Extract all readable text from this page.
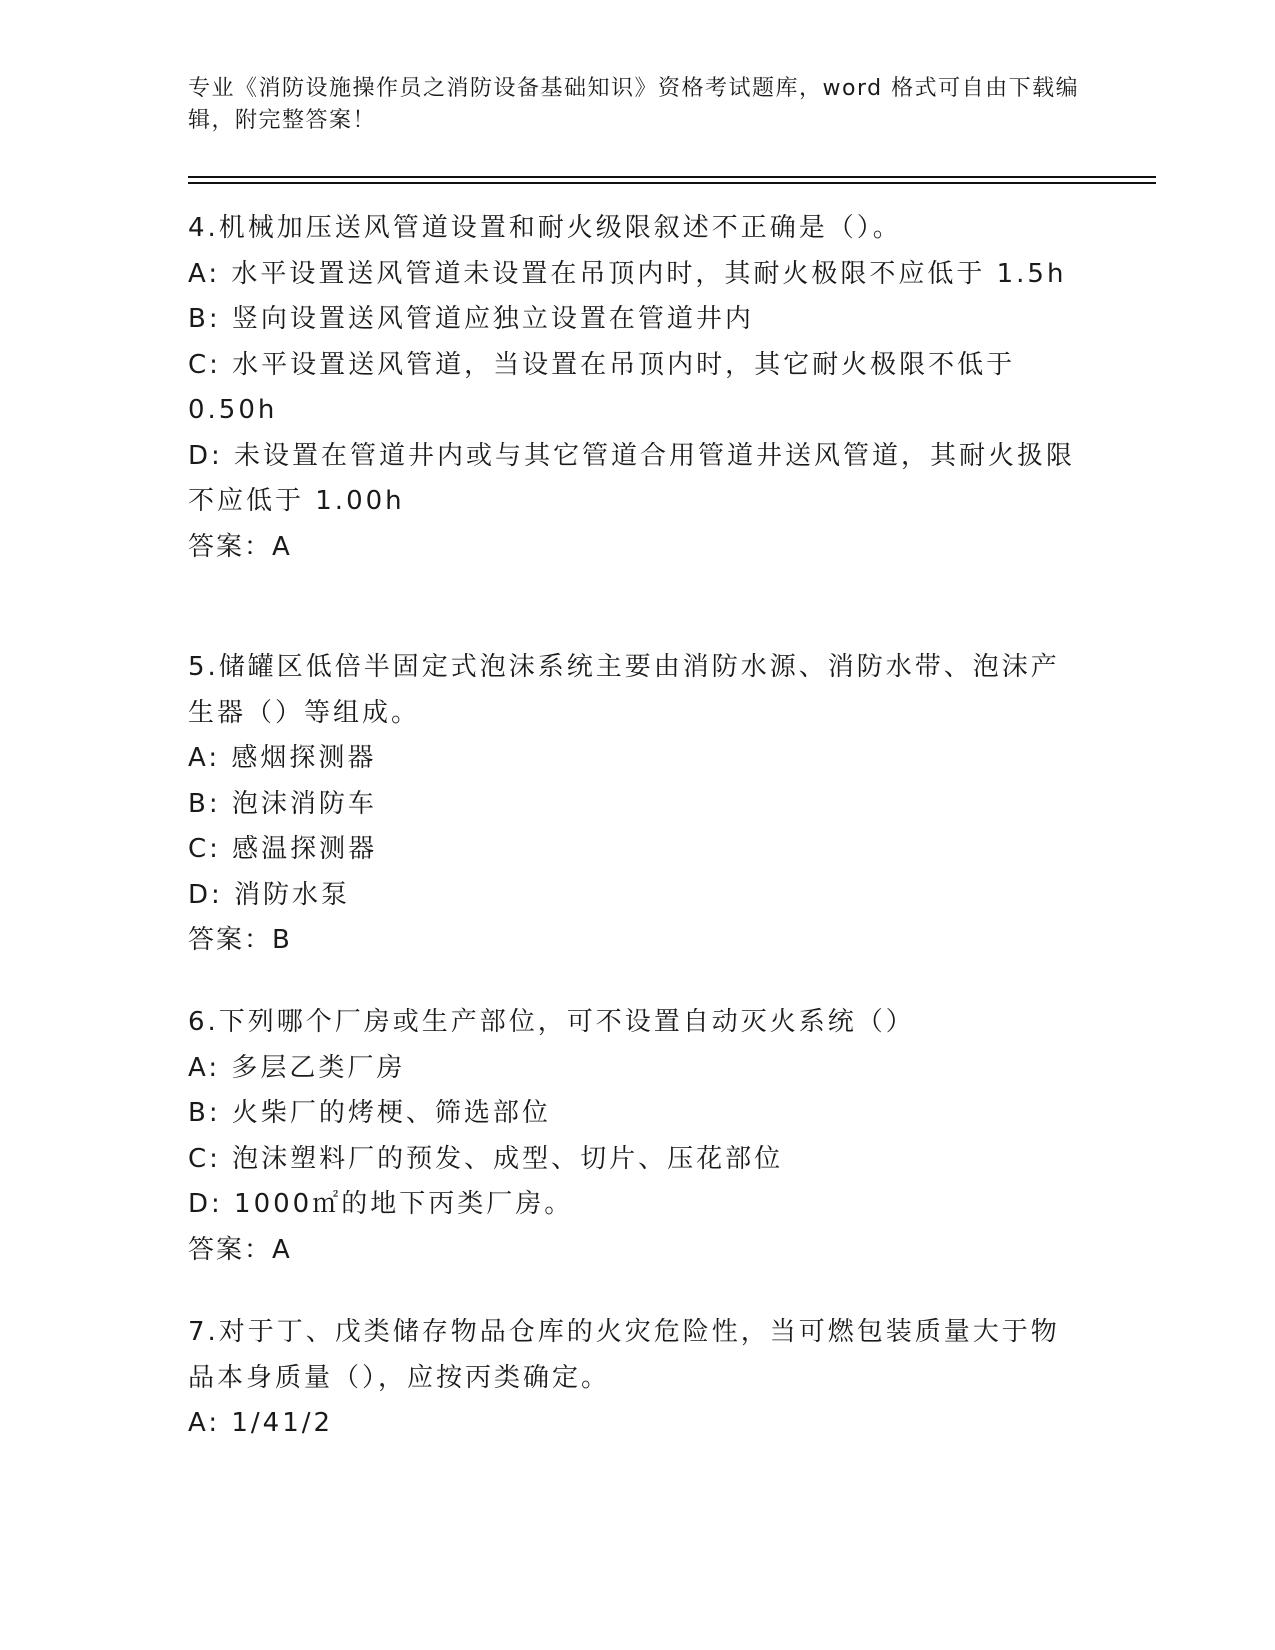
专业《消防设施操作员之消防设备基础知识》资格考试题库，word 格式可自由下载编辑，附完整答案！
4.机械加压送风管道设置和耐火级限叙述不正确是（）。
A: 水平设置送风管道未设置在吊顶内时，其耐火极限不应低于 1.5h
B: 竖向设置送风管道应独立设置在管道井内
C: 水平设置送风管道，当设置在吊顶内时，其它耐火极限不低于
0.50h
D: 未设置在管道井内或与其它管道合用管道井送风管道，其耐火扱限
不应低于 1.00h
答案：A
5.储罐区低倍半固定式泡沫系统主要由消防水源、消防水带、泡沫产
生器（）等组成。
A: 感烟探测器
B: 泡沫消防车
C: 感温探测器
D: 消防水泵
答案：B
6.下列哪个厂房或生产部位，可不设置自动灭火系统（）
A: 多层乙类厂房
B: 火柴厂的烤梗、筛选部位
C: 泡沫塑料厂的预发、成型、切片、压花部位
D: 1000㎡的地下丙类厂房。
答案：A
7.对于丁、戊类储存物品仓库的火灾危险性，当可燃包装质量大于物
品本身质量（），应按丙类确定。
A: 1/41/2
